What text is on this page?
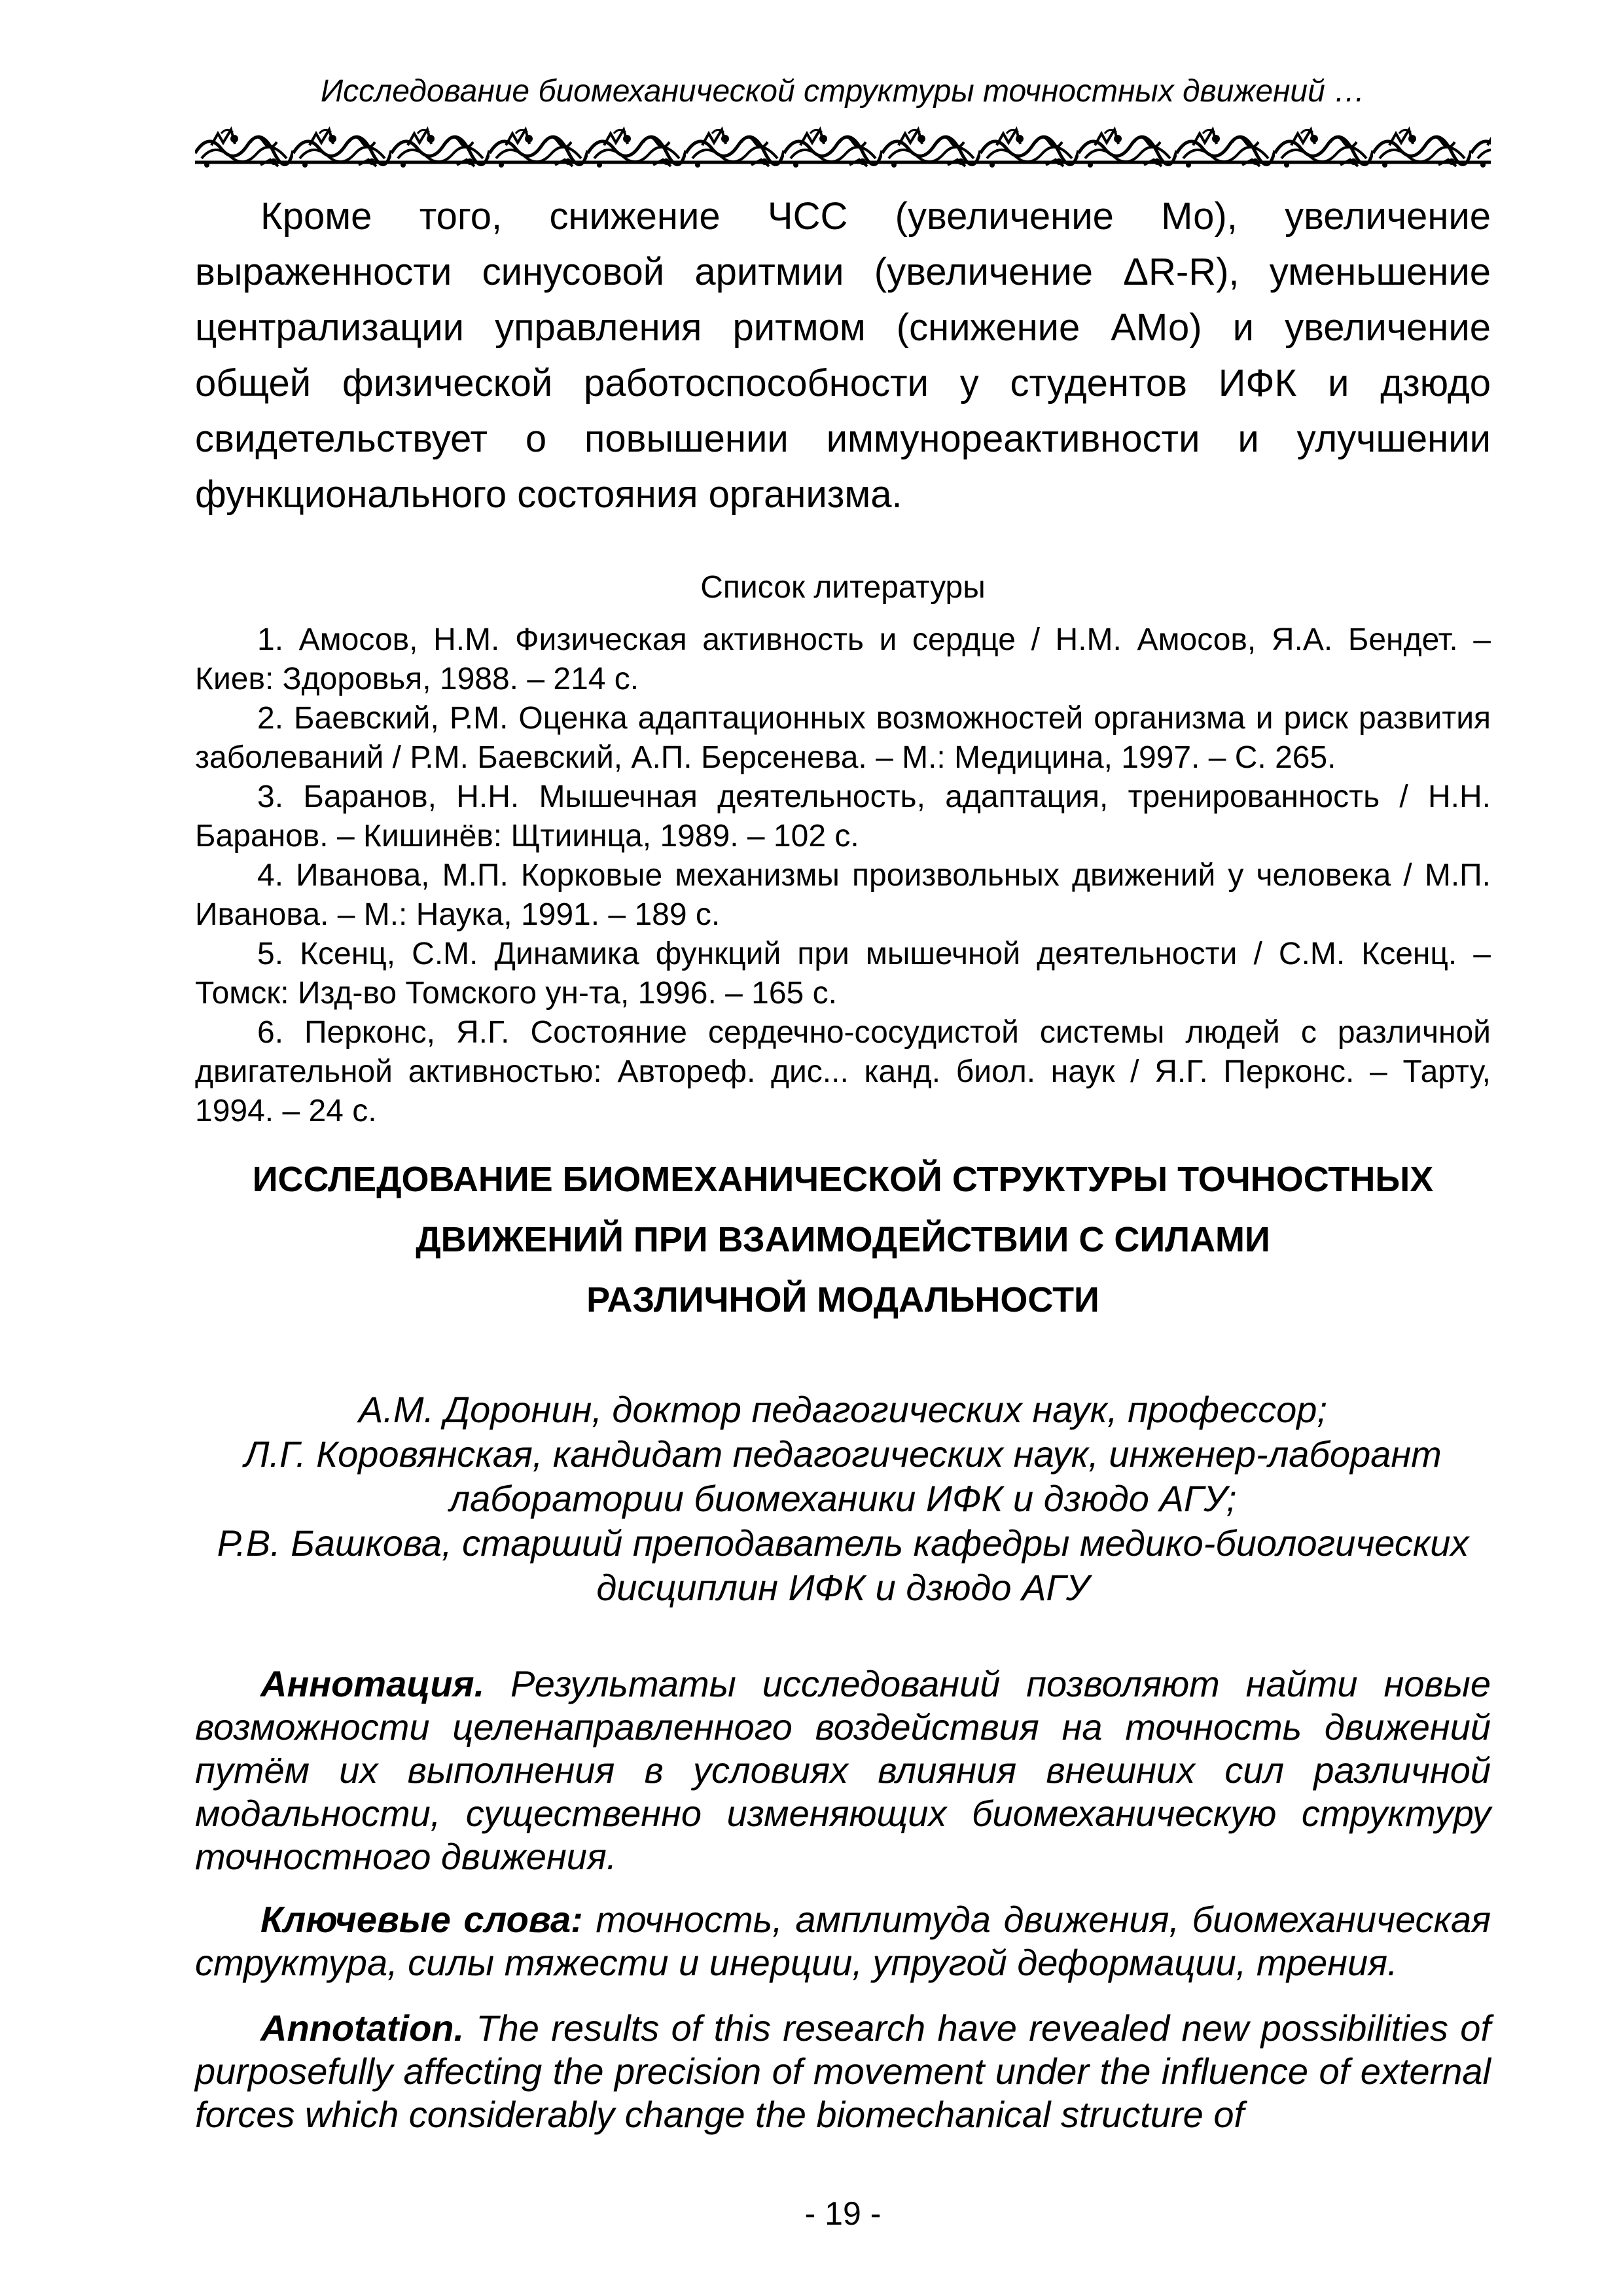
Исследование биомеханической структуры точностных движений …

Кроме того, снижение ЧСС (увеличение Мо), увеличение выраженности синусовой аритмии (увеличение ΔR-R), уменьшение централизации управления ритмом (снижение АМо) и увеличение общей физической работоспособности у студентов ИФК и дзюдо свидетельствует о повышении иммунореактивности и улучшении функционального состояния организма.

Список литературы
1. Амосов, Н.М. Физическая активность и сердце / Н.М. Амосов, Я.А. Бендет. – Киев: Здоровья, 1988. – 214 с.
2. Баевский, Р.М. Оценка адаптационных возможностей организма и риск развития заболеваний / Р.М. Баевский, А.П. Берсенева. – М.: Медицина, 1997. – С. 265.
3. Баранов, Н.Н. Мышечная деятельность, адаптация, тренированность / Н.Н. Баранов. – Кишинёв: Щтиинца, 1989. – 102 с.
4. Иванова, М.П. Корковые механизмы произвольных движений у человека / М.П. Иванова. – М.: Наука, 1991. – 189 с.
5. Ксенц, С.М. Динамика функций при мышечной деятельности / С.М. Ксенц. – Томск: Изд-во Томского ун-та, 1996. – 165 с.
6. Перконс, Я.Г. Состояние сердечно-сосудистой системы людей с различной двигательной активностью: Автореф. дис... канд. биол. наук / Я.Г. Перконс. – Тарту, 1994. – 24 с.
ИССЛЕДОВАНИЕ БИОМЕХАНИЧЕСКОЙ СТРУКТУРЫ ТОЧНОСТНЫХ
ДВИЖЕНИЙ ПРИ ВЗАИМОДЕЙСТВИИ С СИЛАМИ
РАЗЛИЧНОЙ МОДАЛЬНОСТИ
А.М. Доронин, доктор педагогических наук, профессор;
Л.Г. Коровянская, кандидат педагогических наук, инженер-лаборант
лаборатории биомеханики ИФК и дзюдо АГУ;
Р.В. Башкова, старший преподаватель кафедры медико-биологических
дисциплин ИФК и дзюдо АГУ

Аннотация. Результаты исследований позволяют найти новые возможности целенаправленного воздействия на точность движений путём их выполнения в условиях влияния внешних сил различной модальности, существенно изменяющих биомеханическую структуру точностного движения.

Ключевые слова: точность, амплитуда движения, биомеханическая структура, силы тяжести и инерции, упругой деформации, трения.

Annotation. The results of this research have revealed new possibilities of purposefully affecting the precision of movement under the influence of external forces which considerably change the biomechanical structure of

- 19 -
